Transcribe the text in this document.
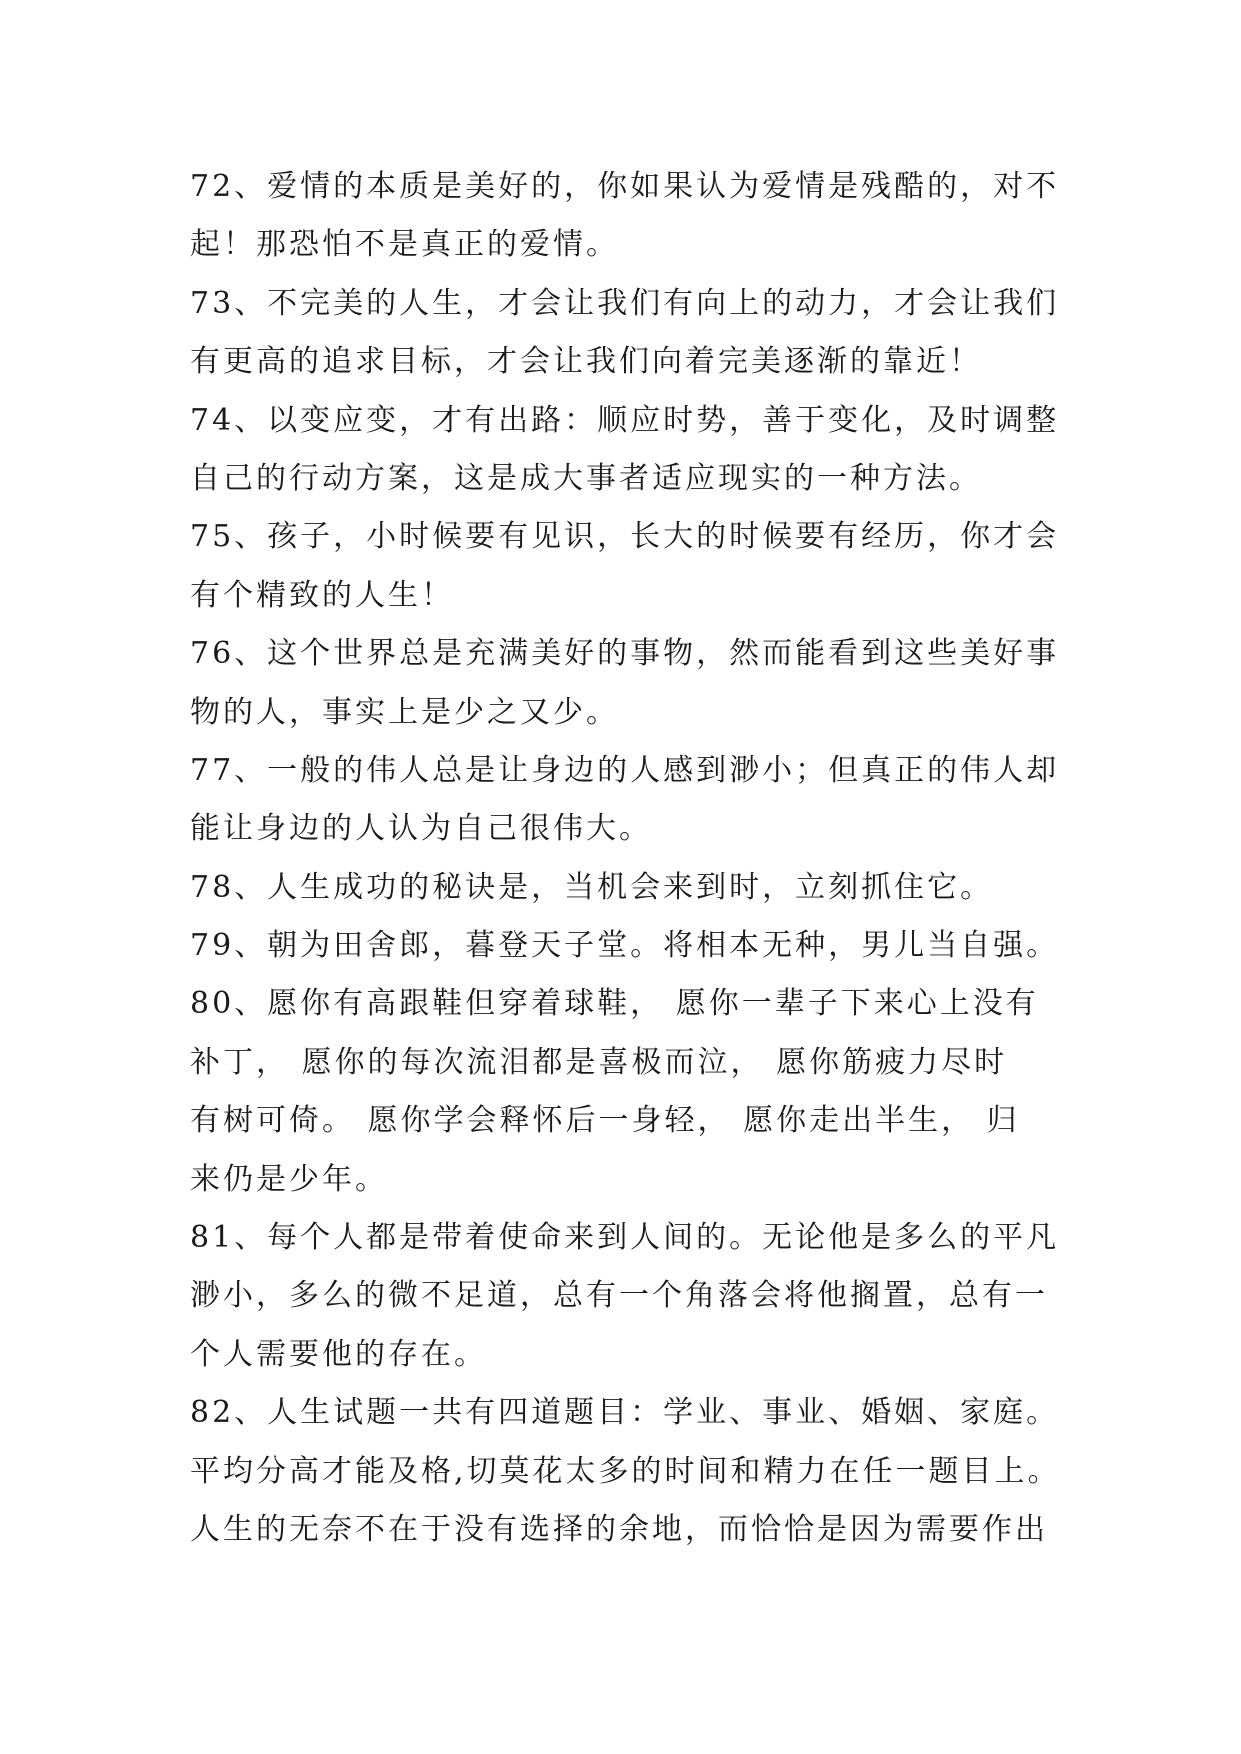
72、爱情的本质是美好的，你如果认为爱情是残酷的，对不
起！那恐怕不是真正的爱情。
73、不完美的人生，才会让我们有向上的动力，才会让我们
有更高的追求目标，才会让我们向着完美逐渐的靠近！
74、以变应变，才有出路：顺应时势，善于变化，及时调整
自己的行动方案，这是成大事者适应现实的一种方法。
75、孩子，小时候要有见识，长大的时候要有经历，你才会
有个精致的人生！
76、这个世界总是充满美好的事物，然而能看到这些美好事
物的人，事实上是少之又少。
77、一般的伟人总是让身边的人感到渺小；但真正的伟人却
能让身边的人认为自己很伟大。
78、人生成功的秘诀是，当机会来到时，立刻抓住它。
79、朝为田舍郎，暮登天子堂。将相本无种，男儿当自强。
80、愿你有高跟鞋但穿着球鞋， 愿你一辈子下来心上没有
补丁， 愿你的每次流泪都是喜极而泣， 愿你筋疲力尽时
有树可倚。 愿你学会释怀后一身轻， 愿你走出半生， 归
来仍是少年。
81、每个人都是带着使命来到人间的。无论他是多么的平凡
渺小，多么的微不足道，总有一个角落会将他搁置，总有一
个人需要他的存在。
82、人生试题一共有四道题目：学业、事业、婚姻、家庭。
平均分高才能及格,切莫花太多的时间和精力在任一题目上。
人生的无奈不在于没有选择的余地，而恰恰是因为需要作出
